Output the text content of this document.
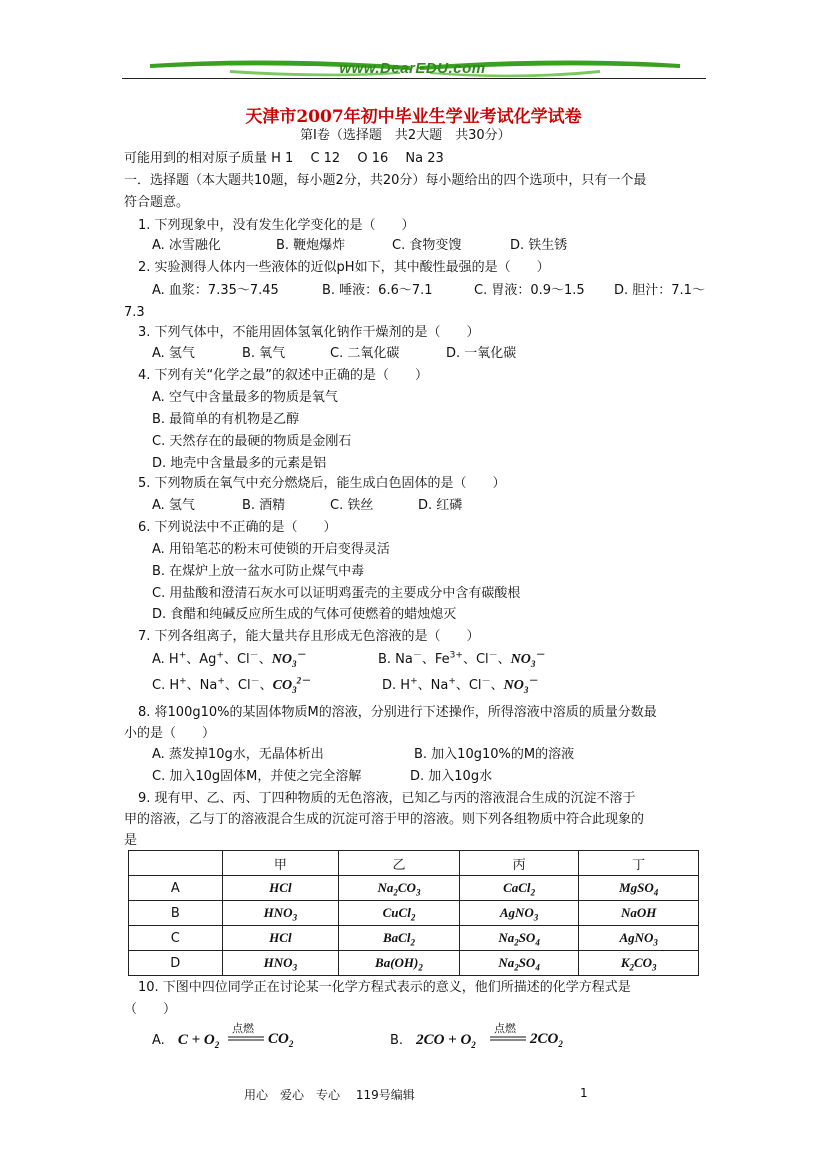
www.DearEDU.com
天津市2007年初中毕业生学业考试化学试卷
第Ⅰ卷（选择题　共2大题　共30分）
可能用到的相对原子质量 H 1　 C 12　 O 16　 Na 23
一．选择题（本大题共10题，每小题2分，共20分）每小题给出的四个选项中，只有一个最
符合题意。
1. 下列现象中，没有发生化学变化的是（　　）
A. 冰雪融化	B. 鞭炮爆炸	C. 食物变馊	D. 铁生锈
2. 实验测得人体内一些液体的近似pH如下，其中酸性最强的是（　　）
A. 血浆：7.35～7.45	B. 唾液：6.6～7.1	C. 胃液：0.9～1.5 D. 胆汁：7.1～
7.3
3. 下列气体中，不能用固体氢氧化钠作干燥剂的是（　　）
A. 氢气	B. 氧气	C. 二氧化碳	D. 一氧化碳
4. 下列有关“化学之最”的叙述中正确的是（　　）
A. 空气中含量最多的物质是氧气
B. 最简单的有机物是乙醇
C. 天然存在的最硬的物质是金刚石
D. 地壳中含量最多的元素是铝
5. 下列物质在氧气中充分燃烧后，能生成白色固体的是（　　）
A. 氢气	B. 酒精	C. 铁丝	D. 红磷
6. 下列说法中不正确的是（　　）
A. 用铅笔芯的粉末可使锁的开启变得灵活
B. 在煤炉上放一盆水可防止煤气中毒
C. 用盐酸和澄清石灰水可以证明鸡蛋壳的主要成分中含有碳酸根
D. 食醋和纯碱反应所生成的气体可使燃着的蜡烛熄灭
7. 下列各组离子，能大量共存且形成无色溶液的是（　　）
A. H+、Ag+、Cl－、$NO_3^-$	B. Na－、$Fe^{3+}$、Cl－、$NO_3^-$
C. H+、Na+、Cl－、$CO_3^{2-}$	D. H+、Na+、Cl－、$NO_3^-$
8. 将100g10%的某固体物质M的溶液，分别进行下述操作，所得溶液中溶质的质量分数最
小的是（　　）
A. 蒸发掉10g水，无晶体析出	B. 加入10g10%的M的溶液
C. 加入10g固体M，并使之完全溶解	D. 加入10g水
9. 现有甲、乙、丙、丁四种物质的无色溶液，已知乙与丙的溶液混合生成的沉淀不溶于
甲的溶液，乙与丁的溶液混合生成的沉淀可溶于甲的溶液。则下列各组物质中符合此现象的
是
	甲	乙	丙	丁
A	HCl	$Na_2CO_3$	CaCl$_2$	MgSO$_4$
B	$HNO_3$	CuCl$_2$	AgNO$_3$	NaOH
C	HCl	BaCl$_2$	$Na_2SO_4$	AgNO$_3$
D	$HNO_3$	$Ba(OH)_2$	$Na_2SO_4$	$K_2CO_3$
10. 下图中四位同学正在讨论某一化学方程式表示的意义，他们所描述的化学方程式是
（　　）
A.　$C + O_2$
点燃
$CO_2$	B.　$2CO + O_2$
点燃
$2CO_2$
用心　爱心　专心　 119号编辑	1
